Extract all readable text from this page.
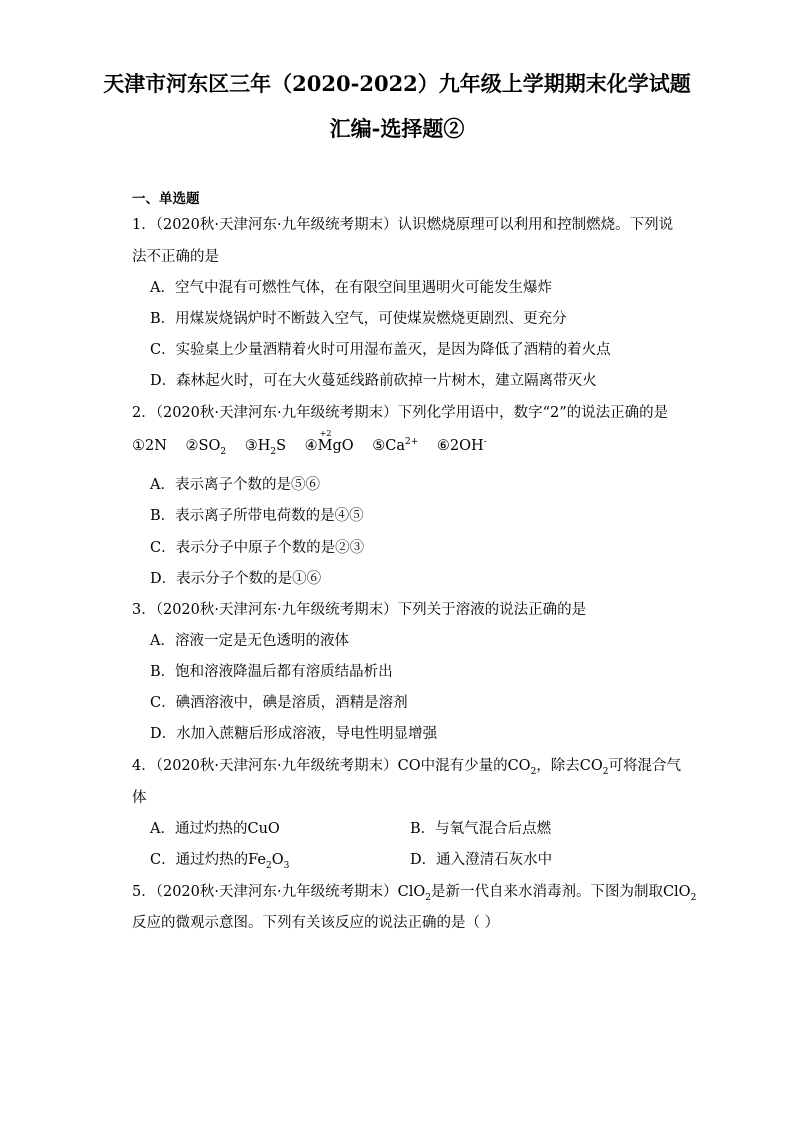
天津市河东区三年（2020-2022）九年级上学期期末化学试题
汇编-选择题②
一、单选题
1．（2020秋·天津河东·九年级统考期末）认识燃烧原理可以利用和控制燃烧。下列说
法不正确的是
A．空气中混有可燃性气体，在有限空间里遇明火可能发生爆炸
B．用煤炭烧锅炉时不断鼓入空气，可使煤炭燃烧更剧烈、更充分
C．实验桌上少量酒精着火时可用湿布盖灭，是因为降低了酒精的着火点
D．森林起火时，可在大火蔓延线路前砍掉一片树木，建立隔离带灭火
2．（2020秋·天津河东·九年级统考期末）下列化学用语中，数字“2”的说法正确的是
①2N $②SO_2$ $③H_2S$ ④
+2
MgO $⑤Ca^{2+}$ ⑥2OH-
A．表示离子个数的是⑤⑥
B．表示离子所带电荷数的是④⑤
C．表示分子中原子个数的是②③
D．表示分子个数的是①⑥
3．（2020秋·天津河东·九年级统考期末）下列关于溶液的说法正确的是
A．溶液一定是无色透明的液体
B．饱和溶液降温后都有溶质结晶析出
C．碘酒溶液中，碘是溶质，酒精是溶剂
D．水加入蔗糖后形成溶液，导电性明显增强
4．（2020秋·天津河东·九年级统考期末）CO中混有少量的$CO_2$，除去$CO_2$可将混合气
体
A．通过灼热的CuO	B．与氧气混合后点燃
C．通过灼热的$Fe_2O_3$	D．通入澄清石灰水中
5．（2020秋·天津河东·九年级统考期末）ClO$_2$是新一代自来水消毒剂。下图为制取ClO$_2$
反应的微观示意图。下列有关该反应的说法正确的是（ ）
